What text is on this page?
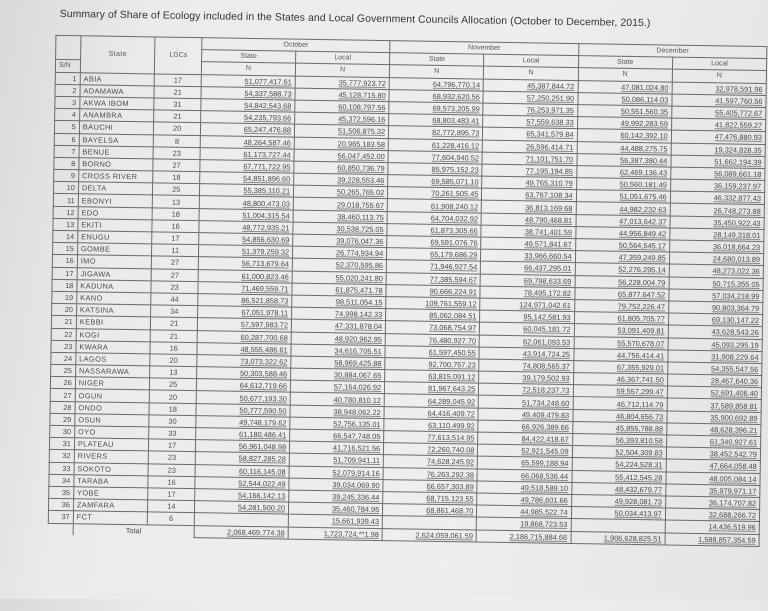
Summary of Share of Ecology included in the States and Local Government Councils Allocation (October to December, 2015.)
	State	LGCs	October		November		December	
			State	Local	State	Local	State	Local
S/N			N	N	N	N	N	N
1	ABIA	17	51,077,417.61	35,777,923.72	64,796,770.14	45,387,844.72	47,081,024.80	32,978,591.96
2	ADAMAWA	21	54,337,588.73	45,128,715.80	68,932,620.56	57,250,251.90	50,086,114.03	41,597,760.56
3	AKWA IBOM	31	54,842,543.68	60,108,797.56	69,573,205.99	76,253,971.35	50,551,560.35	55,405,772.67
4	ANAMBRA	21	54,235,793.66	45,372,596.16	68,803,483.41	57,559,638.33	49,992,283.59	41,822,559.27
5	BAUCHI	20	65,247,476.88	51,506,875.32	82,772,895.73	65,341,579.84	60,142,392.10	47,476,880.93
6	BAYELSA	8	48,264,587.46	20,965,183.58	61,228,416.12	26,596,414.71	44,488,275.75	19,324,828.35
7	BENUE	23	61,173,727.44	56,047,452.00	77,604,940.52	71,101,751.70	56,387,380.44	51,662,194.39
8	BORNO	27	67,771,722.95	60,850,736.79	85,975,152.23	77,195,194.85	62,469,136.43	56,089,661.18
9	CROSS RIVER	18	54,851,896.60	39,228,553.46	69,585,071.10	49,765,310.79	50,560,181.49	36,159,237.97
10	DELTA	25	55,385,110.21	50,265,765.02	70,261,505.45	63,767,108.34	51,051,675.46	46,332,877.43
11	EBONYI	13	48,800,473.03	29,018,755.67	61,908,240.12	36,813,169.68	44,982,232.63	26,748,273.88
12	EDO	18	51,004,315.54	38,460,113.75	64,704,032.92	48,790,468.81	47,013,642.37	35,450,922.43
13	EKITI	16	48,772,935.21	30,538,725.05	61,873,305.66	38,741,401.59	44,956,849.42	28,149,318.01
14	ENUGU	17	54,856,630.69	39,076,047.36	69,591,076.76	49,571,841.67	50,564,545.17	36,018,664.23
15	GOMBE	11	51,379,259.32	26,774,934.94	65,179,686.29	33,966,660.54	47,359,249.85	24,680,013.89
16	IMO	27	56,713,679.64	52,370,595.86	71,946,927.54	66,437,295.01	52,276,295.14	48,273,022.36
17	JIGAWA	27	61,000,823.46	55,020,241.80	77,385,594.67	69,798,633.69	56,228,004.79	50,715,355.05
18	KADUNA	23	71,469,559.71	61,875,471.78	90,666,224.91	78,495,172.82	65,877,647.52	57,034,218.99
19	KANO	44	86,521,858.73	98,511,054.15	109,761,559.12	124,971,042.61	79,752,226.47	90,803,364.79
20	KATSINA	34	67,051,978.11	74,998,142.33	85,062,084.51	95,142,581.93	61,805,705.77	69,130,147.22
21	KEBBI	21	57,597,983.72	47,331,878.04	73,068,754.97	60,045,181.72	53,091,409.81	43,628,543.26
22	KOGI	21	60,287,700.68	48,920,962.95	76,480,927.70	62,061,093.53	55,570,678.07	45,093,295.19
23	KWARA	16	48,555,486.61	34,616,705.51	61,597,450.55	43,914,724.25	44,756,414.41	31,908,229.64
24	LAGOS	20	73,073,322.62	58,969,425.88	92,700,757.23	74,808,565.37	67,355,929.01	54,355,547.56
25	NASSARAWA	13	50,303,588.46	30,884,067.65	63,815,091.12	39,179,502.93	46,367,741.50	28,467,640.36
26	NIGER	25	64,612,719.66	57,164,026.92	81,967,643.25	72,518,237.73	59,557,299.47	52,691,406.40
27	OGUN	20	50,677,193.30	40,780,810.12	64,289,045.92	51,734,248.60	46,712,114.79	37,589,858.81
28	ONDO	18	50,777,590.50	38,948,062.22	64,416,409.72	49,409,479.83	46,804,656.73	35,900,692.89
29	OSUN	30	49,748,179.62	52,756,135.01	63,110,499.92	66,926,389.66	45,855,788.88	48,628,396.21
30	OYO	33	61,180,486.41	66,547,748.05	77,613,514.95	84,422,418.67	56,393,810.58	61,340,927.61
31	PLATEAU	17	56,961,048.98	41,716,521.56	72,260,740.08	52,921,545.09	52,504,309.83	38,452,542.79
32	RIVERS	23	58,827,285.28	51,709,941.11	74,628,245.92	65,599,188.94	54,224,528.31	47,664,058.48
33	SOKOTO	23	60,116,145.08	52,079,914.16	76,263,292.38	66,068,536.44	55,412,545.28	48,005,084.14
34	TARABA	16	52,544,022.49	39,034,069.90	66,657,303.89	49,518,589.10	48,432,679.77	35,979,971.17
35	YOBE	17	54,166,142.13	39,245,336.44	68,715,123.55	49,786,601.66	49,928,081.73	36,174,707.82
36	ZAMFARA	14	54,281,500.20	35,460,784.95	68,861,468.70	44,985,522.74	50,034,413.97	32,688,266.72
37	FCT	6		15,661,939.43		19,868,723.53		14,436,519.96
	Total		2,068,469,774.38	1,723,724,**1.98	2,624,059,061.59	2,186,715,884.66	1,906,628,825.51	1,588,857,354.59
